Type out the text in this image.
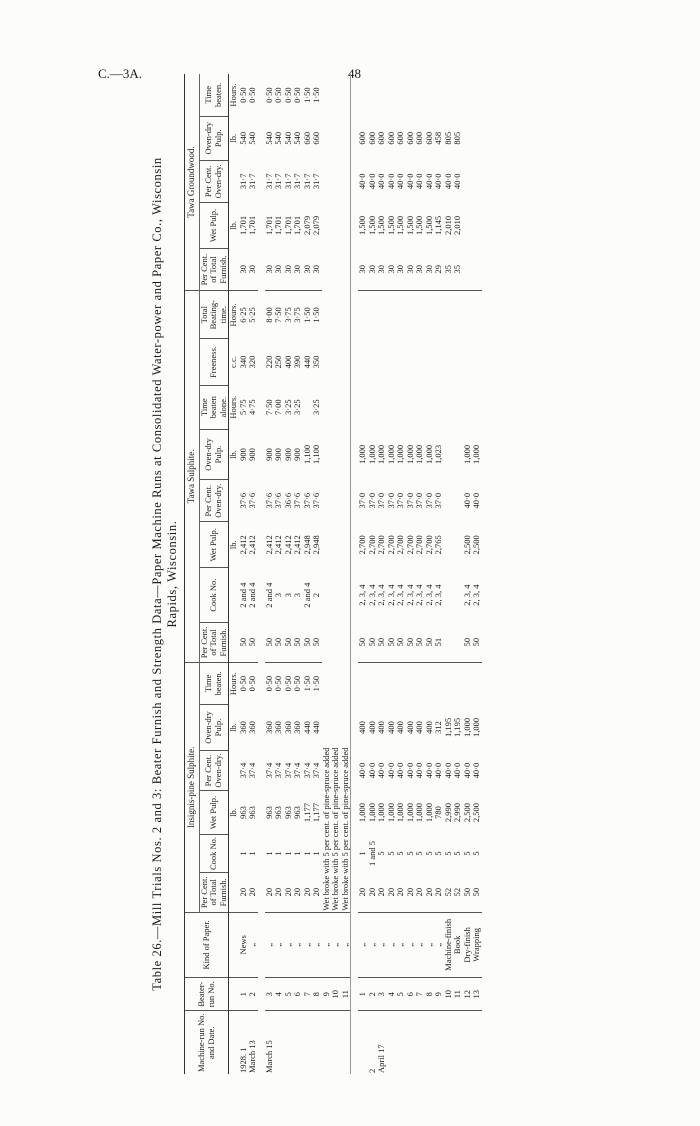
C.—3A.	48
Table 26.—Mill Trials Nos. 2 and 3: Beater Furnish and Strength Data—Paper Machine Runs at Consolidated Water-power and Paper Co., Wisconsin Rapids, Wisconsin.
Machine-run No. and Date.	Beater-run No.	Kind of Paper.	Insignis-pine Sulphite.						Tawa Sulphite.								Tawa Groundwood.				
			Per Cent. of Total Furnish.	Cook No.	Wet Pulp.	Per Cent. Oven-dry.	Oven-dry Pulp.	Time beaten.	Per Cent. of Total Furnish.	Cook No.	Wet Pulp.	Per Cent. Oven-dry.	Oven-dry Pulp.	Time beaten alone.	Freeness.	Total Beating-time.	Per Cent. of Total Furnish.	Wet Pulp.	Per Cent. Oven-dry.	Oven-dry Pulp.	Time beaten.
					lb.		lb.	Hours.			lb.		lb.	Hours.	c.c.	Hours.		lb.		lb.	Hours.
1928. 1	1	News	20	1	963	37·4	360	0·50	50	2 and 4	2,412	37·6	900	5·75	340	6·25	30	1,701	31·7	540	0·50
March 13	2	„	20	1	963	37·4	360	0·50	50	2 and 4	2,412	37·6	900	4·75	320	5·25	30	1,701	31·7	540	0·50

March 15	3	„	20	1	963	37·4	360	0·50	50	2 and 4	2,412	37·6	900	7·50	220	8·00	30	1,701	31·7	540	0·50
	4	„	20	1	963	37·4	360	0·50	50	3	2,412	37·6	900	7·00	250	7·50	30	1,701	31·7	540	0·50
	5	„	20	1	963	37·4	360	0·50	50	3	2,412	36·6	900	3·25	400	3·75	30	1,701	31·7	540	0·50
	6	„	20	1	963	37·4	360	0·50	50	3	2,412	37·6	900	3·25	390	3·75	30	1,701	31·7	540	0·50
	7	„	20	1	1,177	37·4	440	1·50	50	2 and 4	2,948	37·6	1,100		440	1·50	30	2,079	31·7	660	1·50
	8	„	20	1	1,177	37·4	440	1·50	50	2	2,948	37·6	1,100	3·25	350	1·50	30	2,079	31·7	660	1·50
	9	„	Wet broke with 5 per cent. of pine-spruce added																		
	10	„	Wet broke with 5 per cent. of pine-spruce added																		
	11	„	Wet broke with 5 per cent. of pine-spruce added																		

	1	„	20	1	1,000	40·0	400		50	2, 3, 4	2,700	37·0	1,000				30	1,500	40·0	600	
2	2	„	20	1 and 5	1,000	40·0	400		50	2, 3, 4	2,700	37·0	1,000				30	1,500	40·0	600	
April 17	3	„	20	5	1,000	40·0	400		50	2, 3, 4	2,700	37·0	1,000				30	1,500	40·0	600	
	4	„	20	5	1,000	40·0	400		50	2, 3, 4	2,700	37·0	1,000				30	1,500	40·0	600	
	5	„	20	5	1,000	40·0	400		50	2, 3, 4	2,700	37·0	1,000				30	1,500	40·0	600	
	6	„	20	5	1,000	40·0	400		50	2, 3, 4	2,700	37·0	1,000				30	1,500	40·0	600	
	7	„	20	5	1,000	40·0	400		50	2, 3, 4	2,700	37·0	1,000				30	1,500	40·0	600	
	8	„	20	5	1,000	40·0	400		50	2, 3, 4	2,700	37·0	1,000				30	1,500	40·0	600	
	9	„	20	5	780	40·0	312		51	2, 3, 4	2,765	37·0	1,023				29	1,145	40·0	458	
	10	Machine-finish	52	5	2,990	40·0	1,195										35	2,010	40·0	805	
	11	Book	52	5	2,990	40·0	1,195										35	2,010	40·0	805	
	12	Dry-finish	50	5	2,500	40·0	1,000		50	2, 3, 4	2,500	40·0	1,000								
	13	Wrapping	50	5	2,500	40·0	1,000		50	2, 3, 4	2,500	40·0	1,000								
